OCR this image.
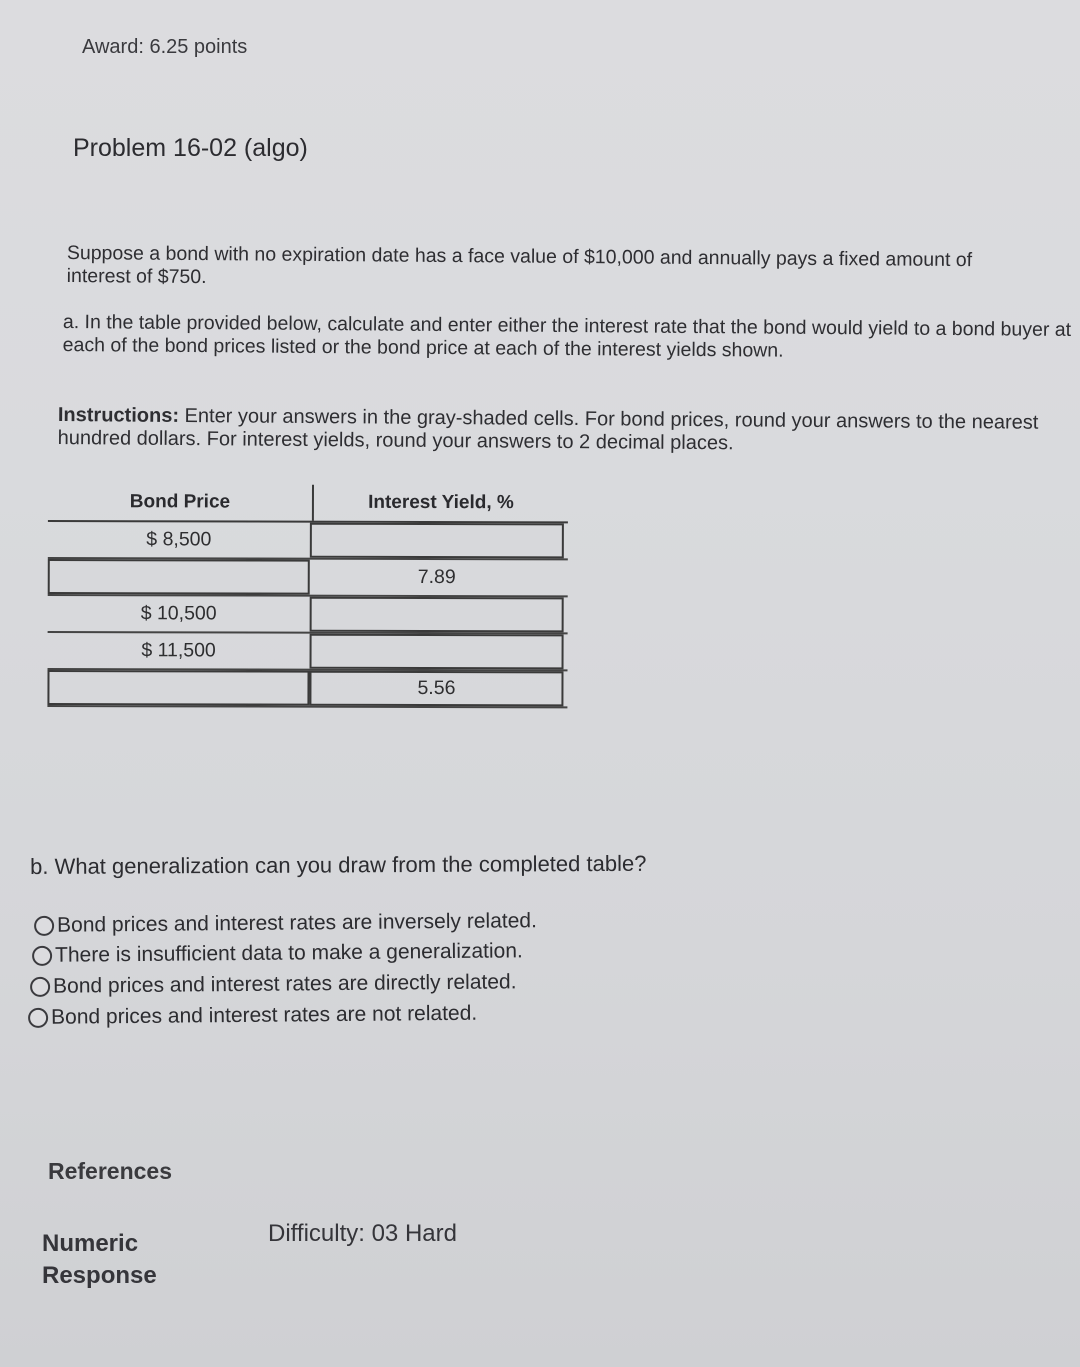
Award: 6.25 points
Problem 16-02 (algo)
Suppose a bond with no expiration date has a face value of $10,000 and annually pays a fixed amount of interest of $750.
a. In the table provided below, calculate and enter either the interest rate that the bond would yield to a bond buyer at each of the bond prices listed or the bond price at each of the interest yields shown.
Instructions: Enter your answers in the gray-shaded cells. For bond prices, round your answers to the nearest hundred dollars. For interest yields, round your answers to 2 decimal places.
Bond Price	Interest Yield, %
$ 8,500
7.89
$ 10,500
$ 11,500
5.56
b. What generalization can you draw from the completed table?
Bond prices and interest rates are inversely related.
There is insufficient data to make a generalization.
Bond prices and interest rates are directly related.
Bond prices and interest rates are not related.
References
Numeric
Response
Difficulty: 03 Hard
